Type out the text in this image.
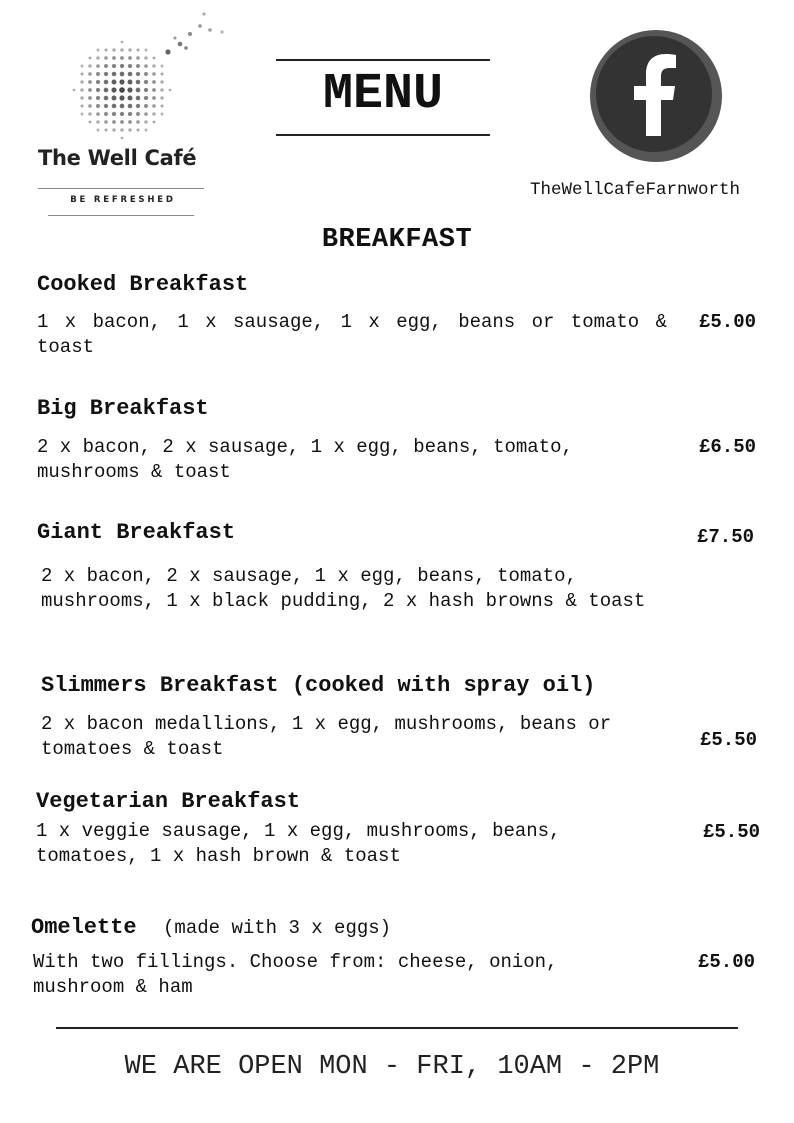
The Well Café
BE REFRESHED
MENU
TheWellCafeFarnworth
BREAKFAST
Cooked Breakfast
1 x bacon, 1 x sausage, 1 x egg, beans or tomato & toast
£5.00
Big Breakfast
2 x bacon, 2 x sausage, 1 x egg, beans, tomato, mushrooms & toast
£6.50
Giant Breakfast	£7.50
2 x bacon, 2 x sausage, 1 x egg, beans, tomato, mushrooms, 1 x black pudding, 2 x hash browns & toast
Slimmers Breakfast (cooked with spray oil)
2 x bacon medallions, 1 x egg, mushrooms, beans or tomatoes & toast	£5.50
Vegetarian Breakfast
1 x veggie sausage, 1 x egg, mushrooms, beans, tomatoes, 1 x hash brown & toast
£5.50
Omelette (made with 3 x eggs)
With two fillings. Choose from: cheese, onion, mushroom & ham
£5.00
WE ARE OPEN MON - FRI, 10AM - 2PM
